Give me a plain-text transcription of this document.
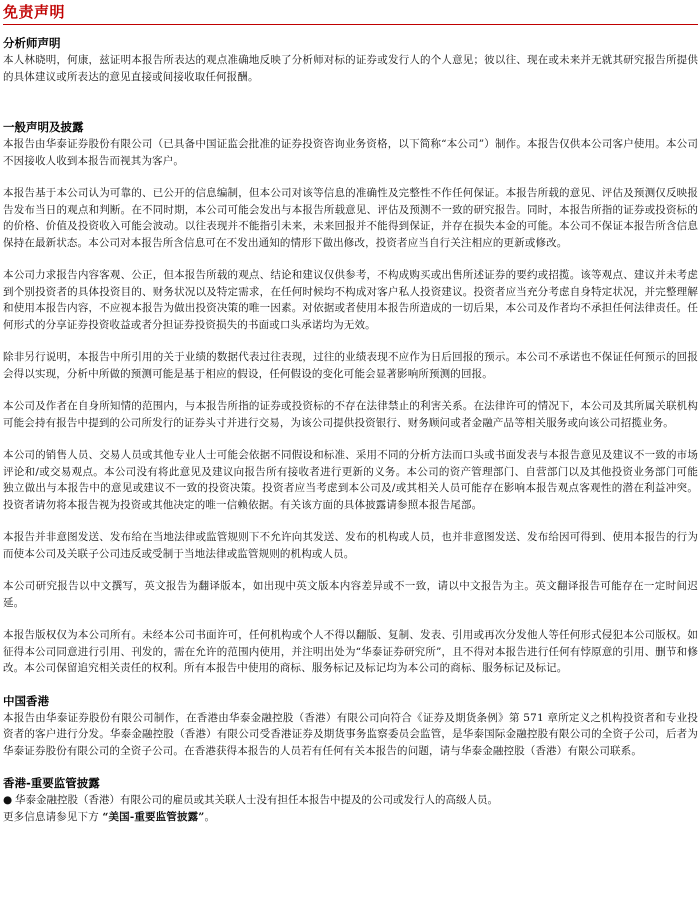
免责声明
分析师声明

本人林晓明，何康，兹证明本报告所表达的观点准确地反映了分析师对标的证券或发行人的个人意见；彼以往、现在或未来并无就其研究报告所提供的具体建议或所表达的意见直接或间接收取任何报酬。

一般声明及披露

本报告由华泰证券股份有限公司（已具备中国证监会批准的证券投资咨询业务资格，以下简称“本公司”）制作。本报告仅供本公司客户使用。本公司不因接收人收到本报告而视其为客户。

本报告基于本公司认为可靠的、已公开的信息编制，但本公司对该等信息的准确性及完整性不作任何保证。本报告所载的意见、评估及预测仅反映报告发布当日的观点和判断。在不同时期，本公司可能会发出与本报告所载意见、评估及预测不一致的研究报告。同时，本报告所指的证券或投资标的的价格、价值及投资收入可能会波动。以往表现并不能指引未来，未来回报并不能得到保证，并存在损失本金的可能。本公司不保证本报告所含信息保持在最新状态。本公司对本报告所含信息可在不发出通知的情形下做出修改，投资者应当自行关注相应的更新或修改。

本公司力求报告内容客观、公正，但本报告所载的观点、结论和建议仅供参考，不构成购买或出售所述证券的要约或招揽。该等观点、建议并未考虑到个别投资者的具体投资目的、财务状况以及特定需求，在任何时候均不构成对客户私人投资建议。投资者应当充分考虑自身特定状况，并完整理解和使用本报告内容，不应视本报告为做出投资决策的唯一因素。对依据或者使用本报告所造成的一切后果，本公司及作者均不承担任何法律责任。任何形式的分享证券投资收益或者分担证券投资损失的书面或口头承诺均为无效。

除非另行说明，本报告中所引用的关于业绩的数据代表过往表现，过往的业绩表现不应作为日后回报的预示。本公司不承诺也不保证任何预示的回报会得以实现，分析中所做的预测可能是基于相应的假设，任何假设的变化可能会显著影响所预测的回报。

本公司及作者在自身所知情的范围内，与本报告所指的证券或投资标的不存在法律禁止的利害关系。在法律许可的情况下，本公司及其所属关联机构可能会持有报告中提到的公司所发行的证券头寸并进行交易，为该公司提供投资银行、财务顾问或者金融产品等相关服务或向该公司招揽业务。

本公司的销售人员、交易人员或其他专业人士可能会依据不同假设和标准、采用不同的分析方法而口头或书面发表与本报告意见及建议不一致的市场评论和/或交易观点。本公司没有将此意见及建议向报告所有接收者进行更新的义务。本公司的资产管理部门、自营部门以及其他投资业务部门可能独立做出与本报告中的意见或建议不一致的投资决策。投资者应当考虑到本公司及/或其相关人员可能存在影响本报告观点客观性的潜在利益冲突。投资者请勿将本报告视为投资或其他决定的唯一信赖依据。有关该方面的具体披露请参照本报告尾部。

本报告并非意图发送、发布给在当地法律或监管规则下不允许向其发送、发布的机构或人员，也并非意图发送、发布给因可得到、使用本报告的行为而使本公司及关联子公司违反或受制于当地法律或监管规则的机构或人员。

本公司研究报告以中文撰写，英文报告为翻译版本，如出现中英文版本内容差异或不一致，请以中文报告为主。英文翻译报告可能存在一定时间迟延。

本报告版权仅为本公司所有。未经本公司书面许可，任何机构或个人不得以翻版、复制、发表、引用或再次分发他人等任何形式侵犯本公司版权。如征得本公司同意进行引用、刊发的，需在允许的范围内使用，并注明出处为“华泰证券研究所”，且不得对本报告进行任何有悖原意的引用、删节和修改。本公司保留追究相关责任的权利。所有本报告中使用的商标、服务标记及标记均为本公司的商标、服务标记及标记。

中国香港

本报告由华泰证券股份有限公司制作，在香港由华泰金融控股（香港）有限公司向符合《证券及期货条例》第 571 章所定义之机构投资者和专业投资者的客户进行分发。华泰金融控股（香港）有限公司受香港证券及期货事务监察委员会监管，是华泰国际金融控股有限公司的全资子公司，后者为华泰证券股份有限公司的全资子公司。在香港获得本报告的人员若有任何有关本报告的问题，请与华泰金融控股（香港）有限公司联系。

香港-重要监管披露
● 华泰金融控股（香港）有限公司的雇员或其关联人士没有担任本报告中提及的公司或发行人的高级人员。

更多信息请参见下方 “美国-重要监管披露”。
